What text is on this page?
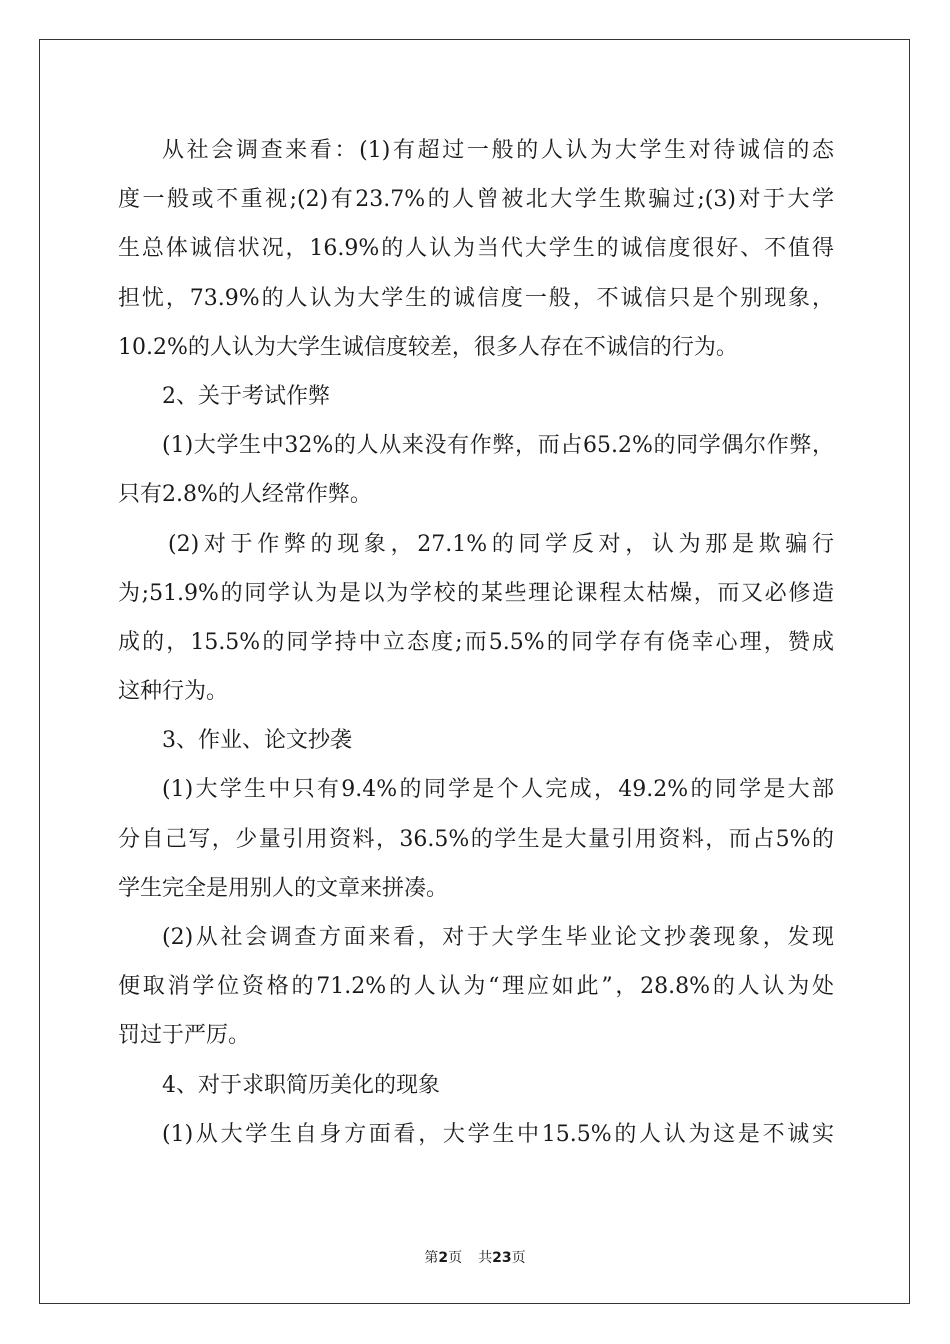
从社会调查来看：(1)有超过一般的人认为大学生对待诚信的态
度一般或不重视;(2)有23.7%的人曾被北大学生欺骗过;(3)对于大学
生总体诚信状况，16.9%的人认为当代大学生的诚信度很好、不值得
担忧，73.9%的人认为大学生的诚信度一般，不诚信只是个别现象，
10.2%的人认为大学生诚信度较差，很多人存在不诚信的行为。
2、关于考试作弊
(1)大学生中32%的人从来没有作弊，而占65.2%的同学偶尔作弊，
只有2.8%的人经常作弊。
(2)对于作弊的现象，27.1%的同学反对，认为那是欺骗行
为;51.9%的同学认为是以为学校的某些理论课程太枯燥，而又必修造
成的，15.5%的同学持中立态度;而5.5%的同学存有侥幸心理，赞成
这种行为。
3、作业、论文抄袭
(1)大学生中只有9.4%的同学是个人完成，49.2%的同学是大部
分自己写，少量引用资料，36.5%的学生是大量引用资料，而占5%的
学生完全是用别人的文章来拼凑。
(2)从社会调查方面来看，对于大学生毕业论文抄袭现象，发现
便取消学位资格的71.2%的人认为“理应如此”，28.8%的人认为处
罚过于严厉。
4、对于求职简历美化的现象
(1)从大学生自身方面看，大学生中15.5%的人认为这是不诚实
第2页 共23页
